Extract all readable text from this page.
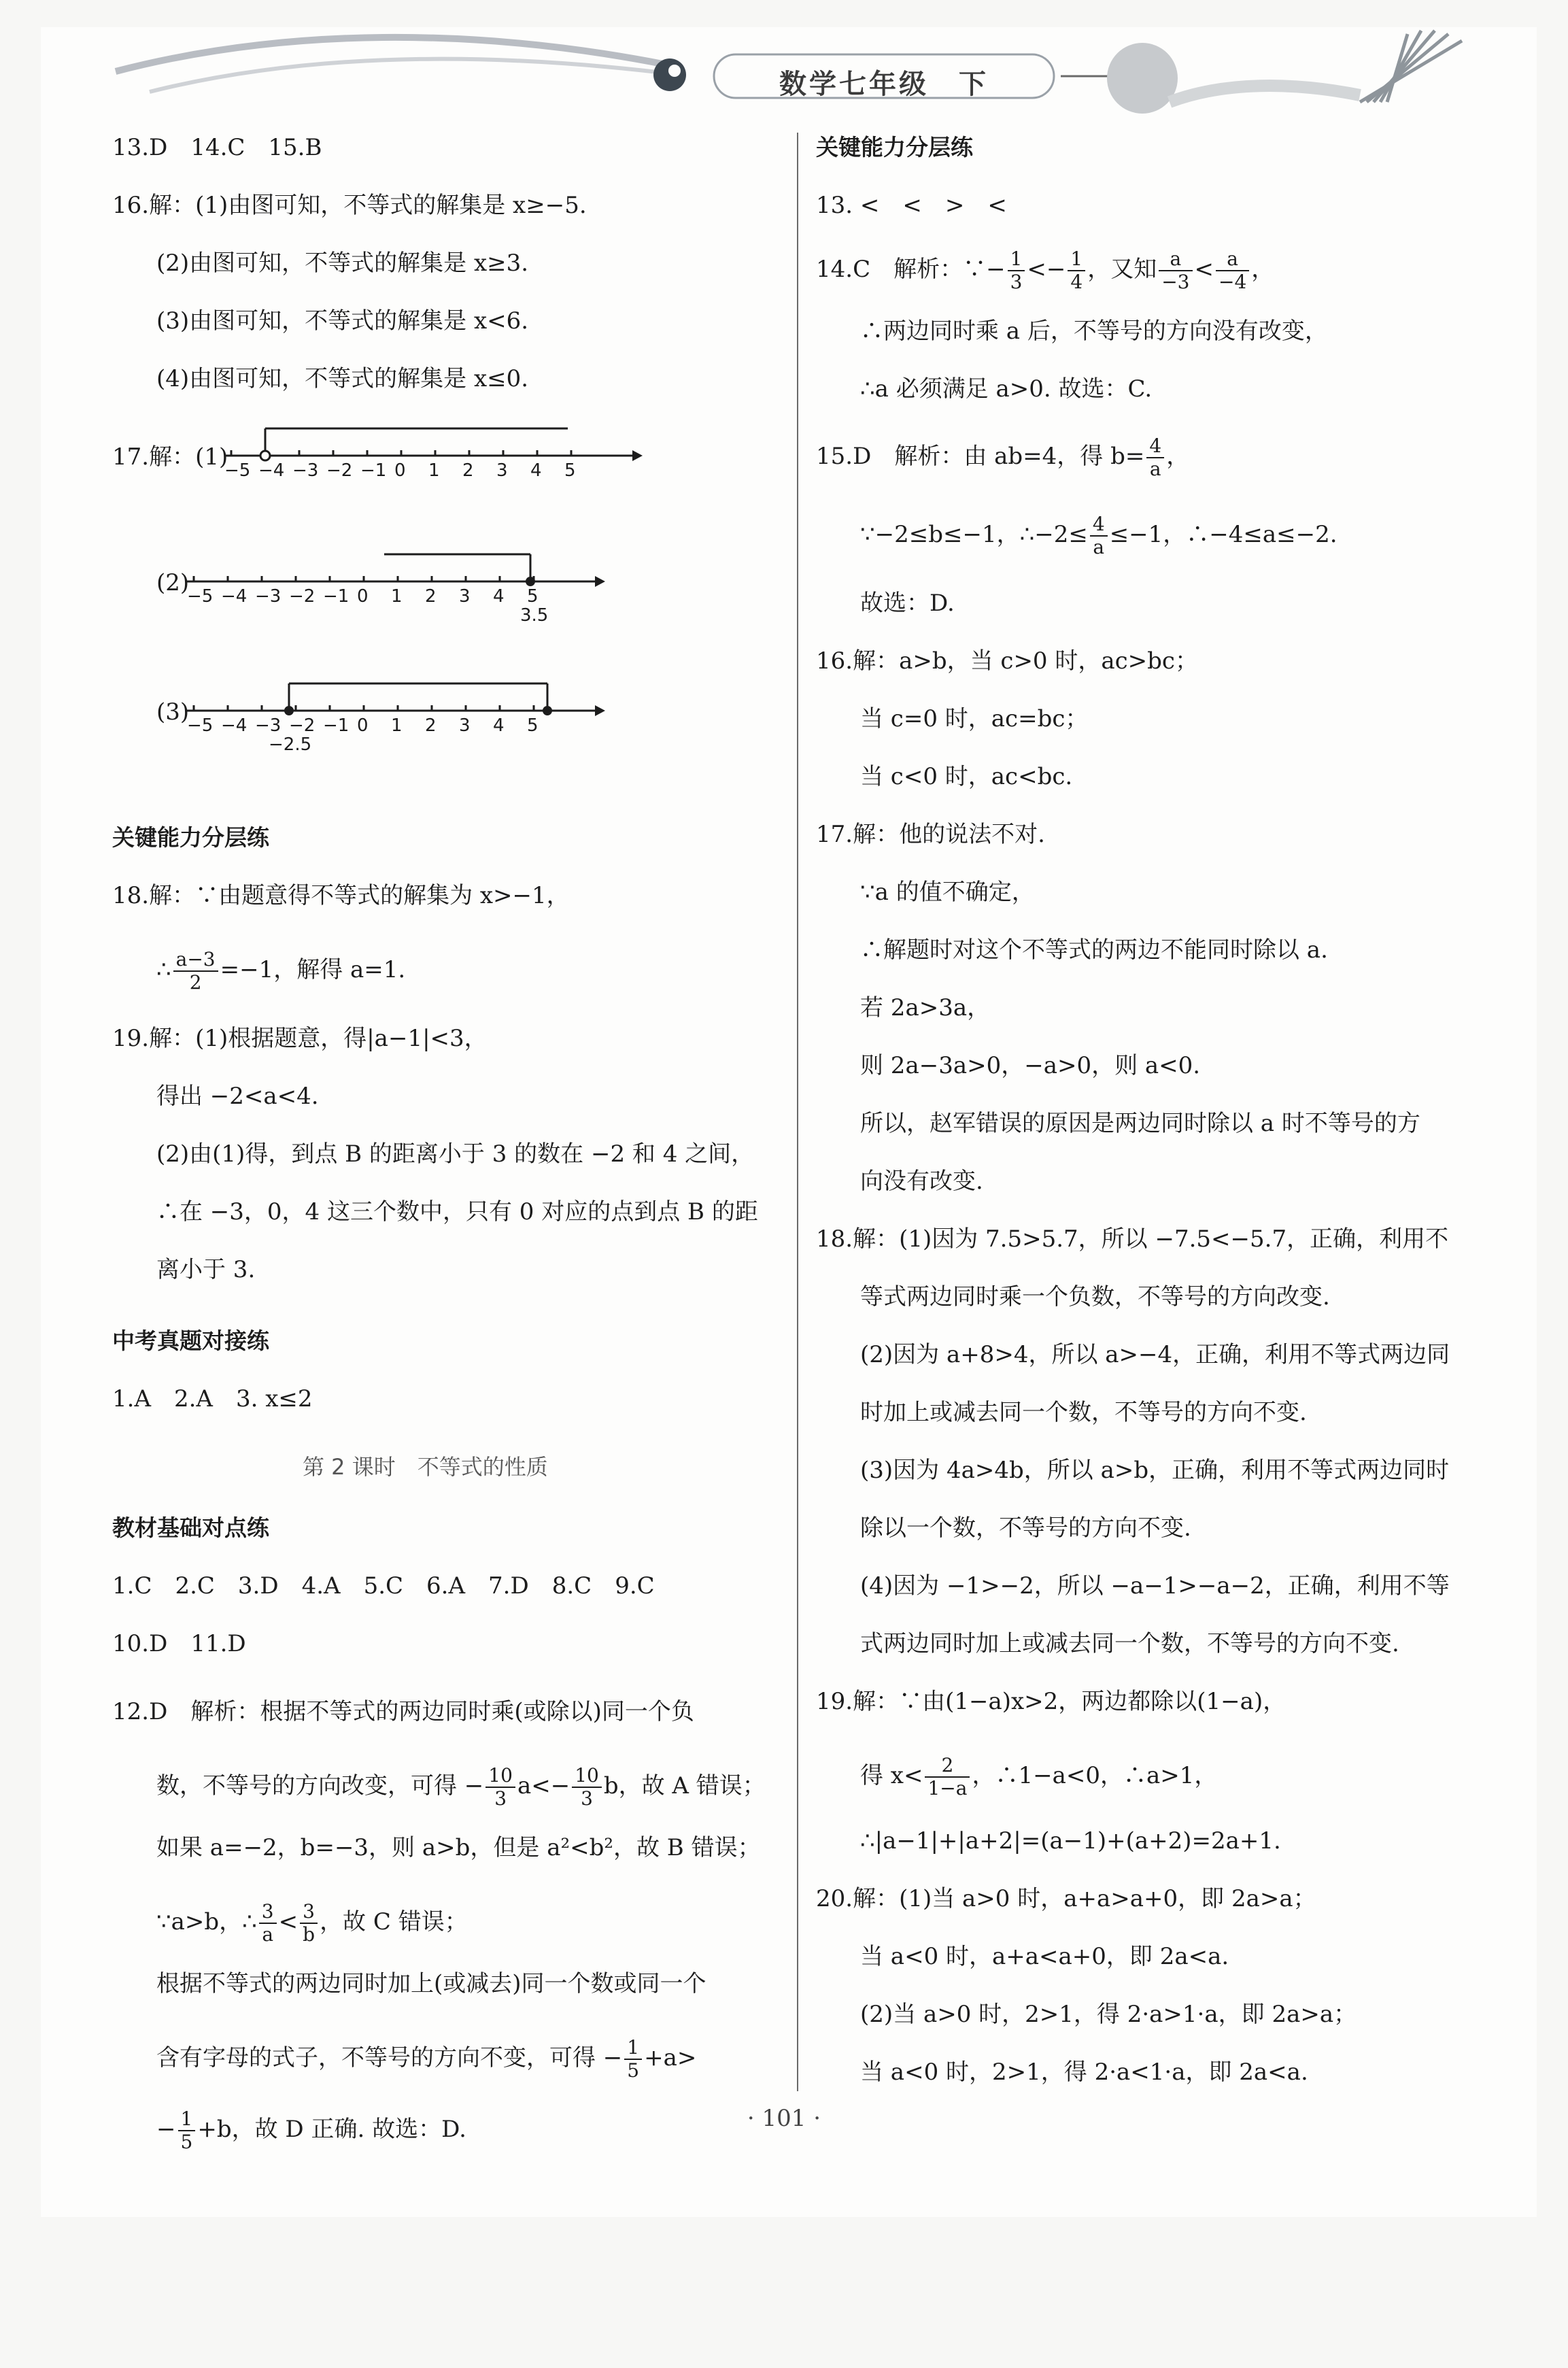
数学七年级　下
13.D　14.C　15.B
16.解：(1)由图可知，不等式的解集是 x≥−5.
(2)由图可知，不等式的解集是 x≥3.
(3)由图可知，不等式的解集是 x<6.
(4)由图可知，不等式的解集是 x≤0.
17.解：(1)
−5 −4 −3 −2 −1 0 1 2 3 4 5
(2)
−5 −4 −3 −2 −1 0 1 2 3 4 5
3.5
(3)
−5 −4 −3 −2 −1 0 1 2 3 4 5
−2.5
关键能力分层练
18.解：∵由题意得不等式的解集为 x>−1，
∴ $\frac{a-3}{2} =-1$，解得 a=1.
19.解：(1)根据题意，得|a−1|<3，
得出 −2<a<4.
(2)由(1)得，到点 B 的距离小于 3 的数在 −2 和 4 之间，
∴在 −3，0，4 这三个数中，只有 0 对应的点到点 B 的距
离小于 3.
中考真题对接练
1.A　2.A　3. x≤2
第 2 课时　不等式的性质
教材基础对点练
1.C　2.C　3.D　4.A　5.C　6.A　7.D　8.C　9.C
10.D　11.D
12.D　解析：根据不等式的两边同时乘(或除以)同一个负
数，不等号的方向改变，可得 − $\frac{10}{3} a<- \frac{10}{3}$ b，故 A 错误；
如果 a=−2，b=−3，则 a>b，但是 a²<b²，故 B 错误；
∵a>b，∴ $\frac{3}{a} < \frac{3}{b}$ ，故 C 错误；
根据不等式的两边同时加上(或减去)同一个数或同一个
含有字母的式子，不等号的方向不变，可得 − $\frac{1}{5} +a>$
− $\frac{1}{5} +b$，故 D 正确. 故选：D.
关键能力分层练
13. <　<　>　<
14.C　解析：∵− $\frac{1}{3} <- \frac{1}{4}$ ，又知 $\frac{a}{-3} < \frac{a}{-4}$ ，
∴两边同时乘 a 后，不等号的方向没有改变，
∴a 必须满足 a>0. 故选：C.
15.D　解析：由 ab=4，得 $b= \frac{4}{a}$ ，
∵−2≤b≤−1，∴−2≤ $\frac{4}{a} \le-1$，∴−4≤a≤−2.
故选：D.
16.解：a>b，当 c>0 时，ac>bc；
当 c=0 时，ac=bc；
当 c<0 时，ac<bc.
17.解：他的说法不对.
∵a 的值不确定，
∴解题时对这个不等式的两边不能同时除以 a.
若 2a>3a，
则 2a−3a>0，−a>0，则 a<0.
所以，赵军错误的原因是两边同时除以 a 时不等号的方
向没有改变.
18.解：(1)因为 7.5>5.7，所以 −7.5<−5.7，正确，利用不
等式两边同时乘一个负数，不等号的方向改变.
(2)因为 a+8>4，所以 a>−4，正确，利用不等式两边同
时加上或减去同一个数，不等号的方向不变.
(3)因为 4a>4b，所以 a>b，正确，利用不等式两边同时
除以一个数，不等号的方向不变.
(4)因为 −1>−2，所以 −a−1>−a−2，正确，利用不等
式两边同时加上或减去同一个数，不等号的方向不变.
19.解：∵由(1−a)x>2，两边都除以(1−a)，
得 $x< \frac{2}{1-a}$ ，∴1−a<0，∴a>1，
∴|a−1|+|a+2|=(a−1)+(a+2)=2a+1.
20.解：(1)当 a>0 时，a+a>a+0，即 2a>a；
当 a<0 时，a+a<a+0，即 2a<a.
(2)当 a>0 时，2>1，得 2·a>1·a，即 2a>a；
当 a<0 时，2>1，得 2·a<1·a，即 2a<a.
· 101 ·
